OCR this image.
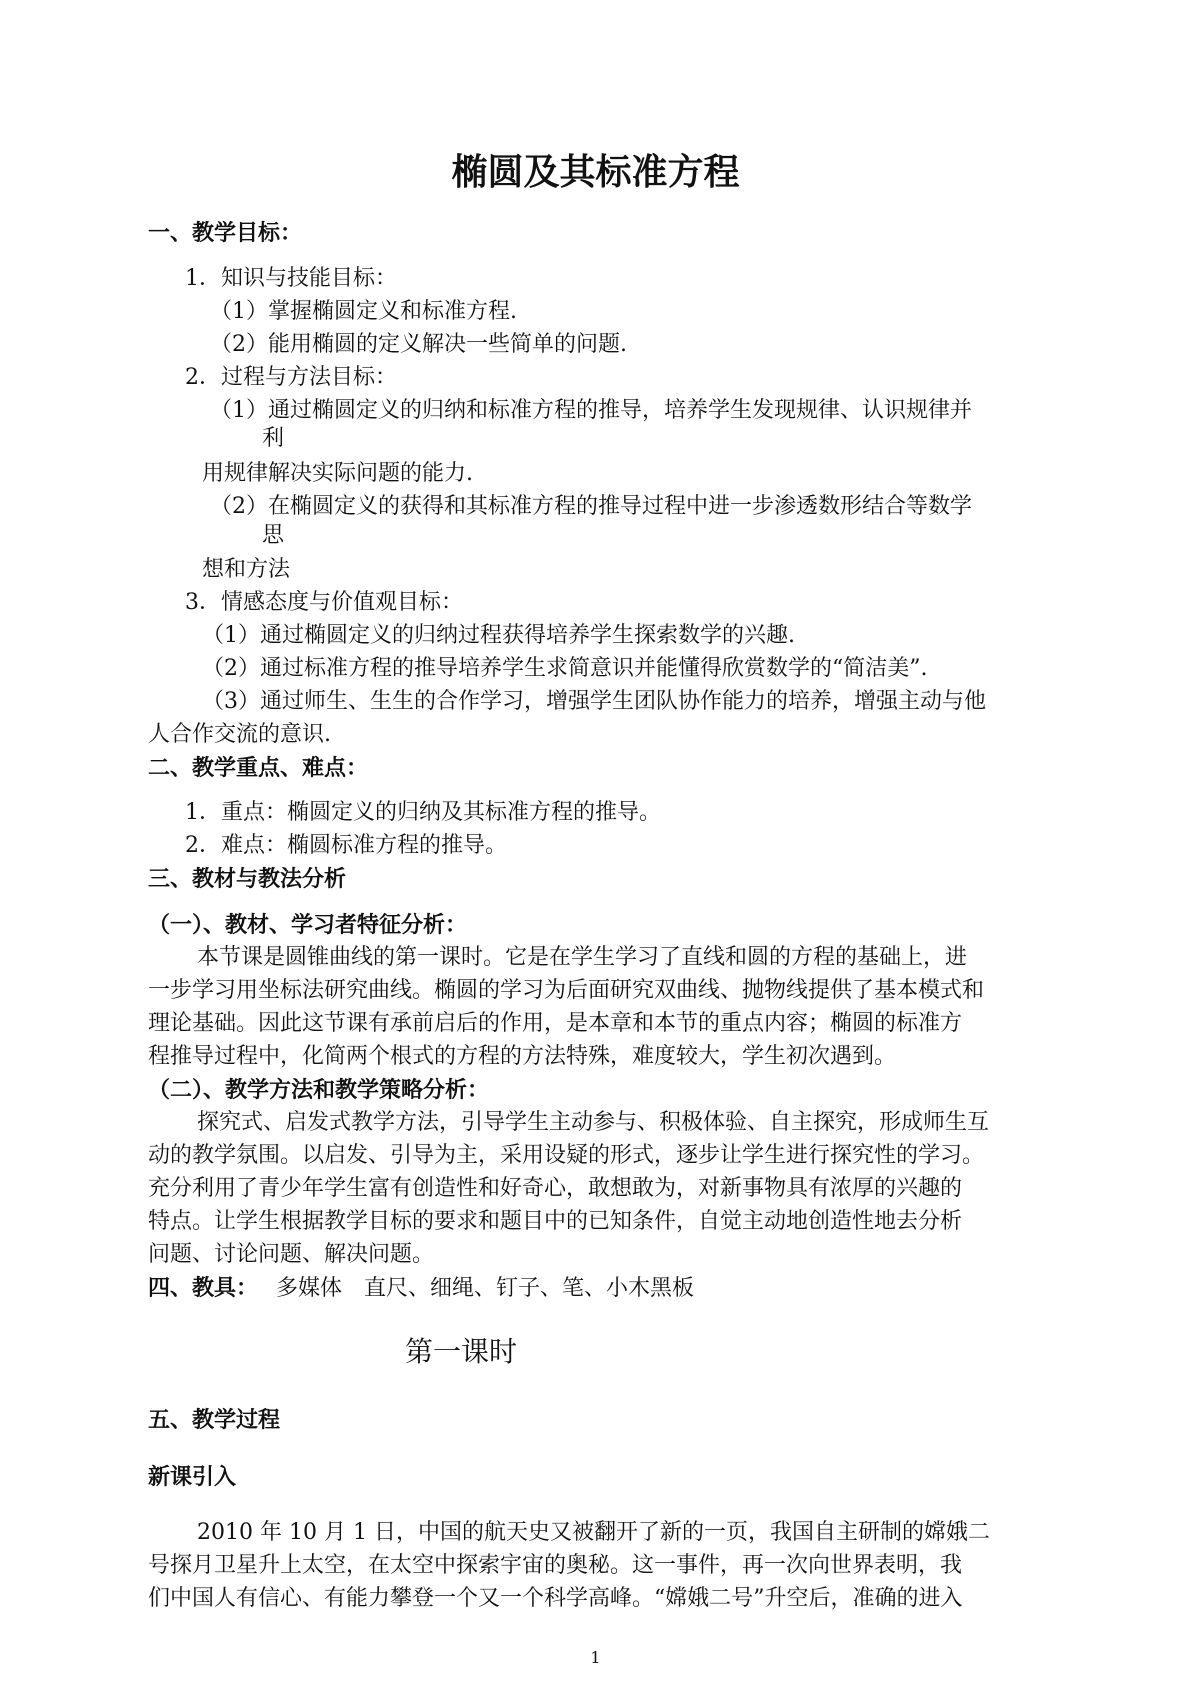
椭圆及其标准方程
一、教学目标：
1．知识与技能目标：
（1）掌握椭圆定义和标准方程.
（2）能用椭圆的定义解决一些简单的问题.
2．过程与方法目标：
（1）通过椭圆定义的归纳和标准方程的推导，培养学生发现规律、认识规律并
利
用规律解决实际问题的能力.
（2）在椭圆定义的获得和其标准方程的推导过程中进一步渗透数形结合等数学
思
想和方法
3．情感态度与价值观目标：
（1）通过椭圆定义的归纳过程获得培养学生探索数学的兴趣.
（2）通过标准方程的推导培养学生求简意识并能懂得欣赏数学的“简洁美”.
（3）通过师生、生生的合作学习，增强学生团队协作能力的培养，增强主动与他
人合作交流的意识.
二、教学重点、难点：
1．重点：椭圆定义的归纳及其标准方程的推导。
2．难点：椭圆标准方程的推导。
三、教材与教法分析
（一）、教材、学习者特征分析：
本节课是圆锥曲线的第一课时。它是在学生学习了直线和圆的方程的基础上，进
一步学习用坐标法研究曲线。椭圆的学习为后面研究双曲线、抛物线提供了基本模式和
理论基础。因此这节课有承前启后的作用，是本章和本节的重点内容；椭圆的标准方
程推导过程中，化简两个根式的方程的方法特殊，难度较大，学生初次遇到。
（二）、教学方法和教学策略分析：
探究式、启发式教学方法，引导学生主动参与、积极体验、自主探究，形成师生互
动的教学氛围。以启发、引导为主，采用设疑的形式，逐步让学生进行探究性的学习。
充分利用了青少年学生富有创造性和好奇心，敢想敢为，对新事物具有浓厚的兴趣的
特点。让学生根据教学目标的要求和题目中的已知条件，自觉主动地创造性地去分析
问题、讨论问题、解决问题。
四、教具： 多媒体　直尺、细绳、钉子、笔、小木黑板
第一课时
五、教学过程
新课引入
2010 年 10 月 1 日，中国的航天史又被翻开了新的一页，我国自主研制的嫦娥二
号探月卫星升上太空，在太空中探索宇宙的奥秘。这一事件，再一次向世界表明，我
们中国人有信心、有能力攀登一个又一个科学高峰。“嫦娥二号”升空后，准确的进入
1
